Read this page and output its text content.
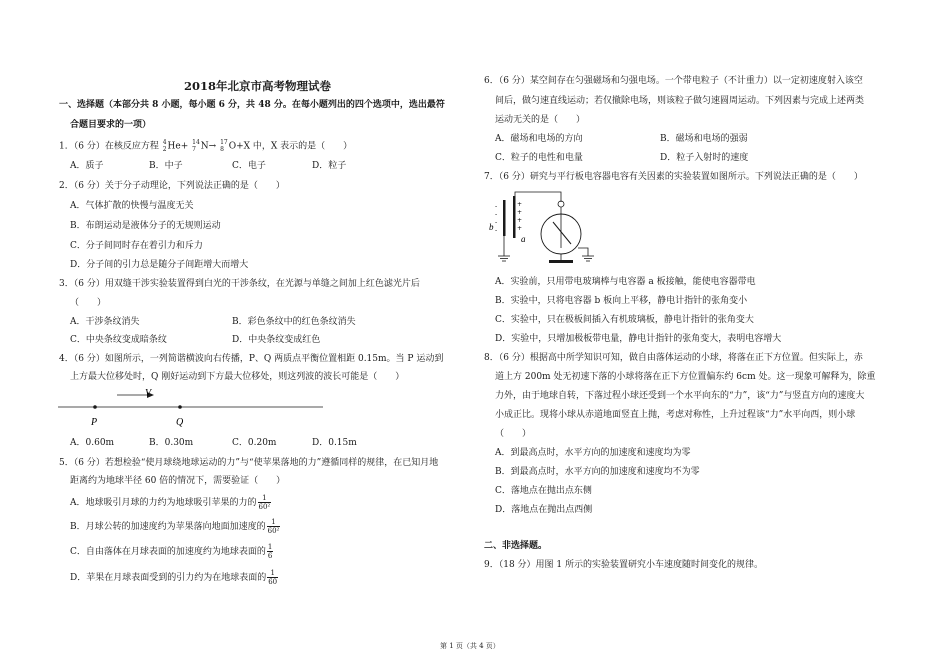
2018年北京市高考物理试卷
一、选择题（本部分共 8 小题，每小题 6 分，共 48 分。在每小题列出的四个选项中，选出最符
合题目要求的一项）
1．（6 分）在核反应方程 4
2 He+ 14
7 N→ 17
8 O+X 中，X 表示的是（　　）
A．质子	B．中子	C．电子	D．粒子
2．（6 分）关于分子动理论，下列说法正确的是（　　）
A．气体扩散的快慢与温度无关
B．布朗运动是液体分子的无规则运动
C．分子间同时存在着引力和斥力
D．分子间的引力总是随分子间距增大而增大
3．（6 分）用双缝干涉实验装置得到白光的干涉条纹，在光源与单缝之间加上红色滤光片后
（　　）
A．干涉条纹消失	B．彩色条纹中的红色条纹消失
C．中央条纹变成暗条纹	D．中央条纹变成红色
4．（6 分）如图所示，一列简谐横波向右传播，P、Q 两质点平衡位置相距 0.15m。当 P 运动到
上方最大位移处时，Q 刚好运动到下方最大位移处，则这列波的波长可能是（　　）
V
P	Q
A．0.60m	B．0.30m	C．0.20m	D．0.15m
5．（6 分）若想检验“使月球绕地球运动的力”与“使苹果落地的力”遵循同样的规律，在已知月地
距离约为地球半径 60 倍的情况下，需要验证（　　）
A．地球吸引月球的力约为地球吸引苹果的力的 $\frac{1}{\text{60²}}$
B．月球公转的加速度约为苹果落向地面加速度的 $\frac{1}{\text{60²}}$
C．自由落体在月球表面的加速度约为地球表面的 $\frac{1}{6}$
D．苹果在月球表面受到的引力约为在地球表面的 $\frac{1}{60}$
6．（6 分）某空间存在匀强磁场和匀强电场。一个带电粒子（不计重力）以一定初速度射入该空
间后，做匀速直线运动；若仅撤除电场，则该粒子做匀速圆周运动。下列因素与完成上述两类
运动无关的是（　　）
A．磁场和电场的方向	B．磁场和电场的强弱
C．粒子的电性和电量	D．粒子入射时的速度
7．（6 分）研究与平行板电容器电容有关因素的实验装置如图所示。下列说法正确的是（　　）
-
-
-
-
+
+
+
+
b
a
A．实验前，只用带电玻璃棒与电容器 a 板接触，能使电容器带电
B．实验中，只将电容器 b 板向上平移，静电计指针的张角变小
C．实验中，只在极板间插入有机玻璃板，静电计指针的张角变大
D．实验中，只增加极板带电量，静电计指针的张角变大，表明电容增大
8．（6 分）根据高中所学知识可知，做自由落体运动的小球，将落在正下方位置。但实际上，赤
道上方 200m 处无初速下落的小球将落在正下方位置偏东约 6cm 处。这一现象可解释为，除重
力外，由于地球自转，下落过程小球还受到一个水平向东的“力”，该“力”与竖直方向的速度大
小成正比。现将小球从赤道地面竖直上抛，考虑对称性，上升过程该“力”水平向西，则小球
（　　）
A．到最高点时，水平方向的加速度和速度均为零
B．到最高点时，水平方向的加速度和速度均不为零
C．落地点在抛出点东侧
D．落地点在抛出点西侧
二、非选择题。
9．（18 分）用图 1 所示的实验装置研究小车速度随时间变化的规律。
第 1 页（共 4 页）
